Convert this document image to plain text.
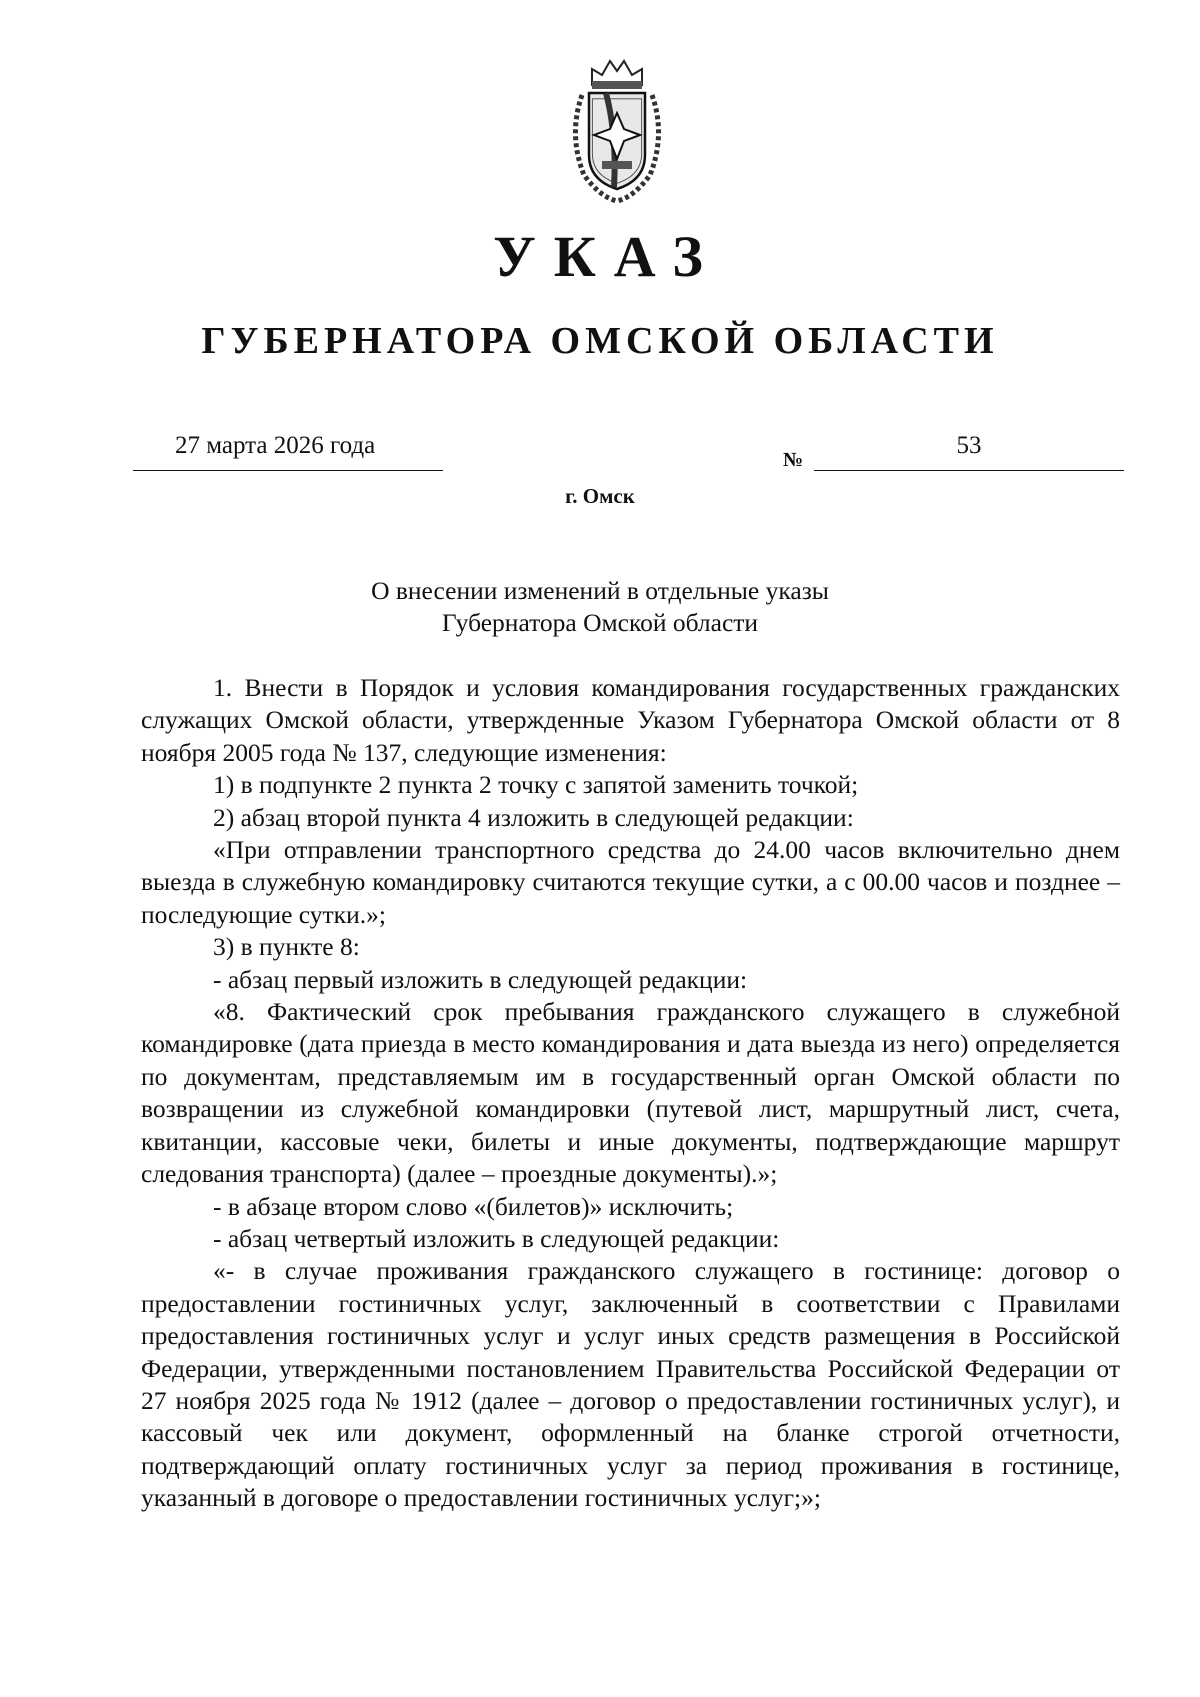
УКАЗ
ГУБЕРНАТОРА ОМСКОЙ ОБЛАСТИ
27 марта 2026 года
№
53
г. Омск
О внесении изменений в отдельные указы
Губернатора Омской области

1. Внести в Порядок и условия командирования государственных гражданских служащих Омской области, утвержденные Указом Губернатора Омской области от 8 ноября 2005 года № 137, следующие изменения:

1) в подпункте 2 пункта 2 точку с запятой заменить точкой;

2) абзац второй пункта 4 изложить в следующей редакции:

«При отправлении транспортного средства до 24.00 часов включительно днем выезда в служебную командировку считаются текущие сутки, а с 00.00 часов и позднее – последующие сутки.»;

3) в пункте 8:

- абзац первый изложить в следующей редакции:

«8. Фактический срок пребывания гражданского служащего в служебной командировке (дата приезда в место командирования и дата выезда из него) определяется по документам, представляемым им в государственный орган Омской области по возвращении из служебной командировки (путевой лист, маршрутный лист, счета, квитанции, кассовые чеки, билеты и иные документы, подтверждающие маршрут следования транспорта) (далее – проездные документы).»;

- в абзаце втором слово «(билетов)» исключить;

- абзац четвертый изложить в следующей редакции:

«- в случае проживания гражданского служащего в гостинице: договор о предоставлении гостиничных услуг, заключенный в соответствии с Правилами предоставления гостиничных услуг и услуг иных средств размещения в Российской Федерации, утвержденными постановлением Правительства Российской Федерации от 27 ноября 2025 года № 1912 (далее – договор о предоставлении гостиничных услуг), и кассовый чек или документ, оформленный на бланке строгой отчетности, подтверждающий оплату гостиничных услуг за период проживания в гостинице, указанный в договоре о предоставлении гостиничных услуг;»;
